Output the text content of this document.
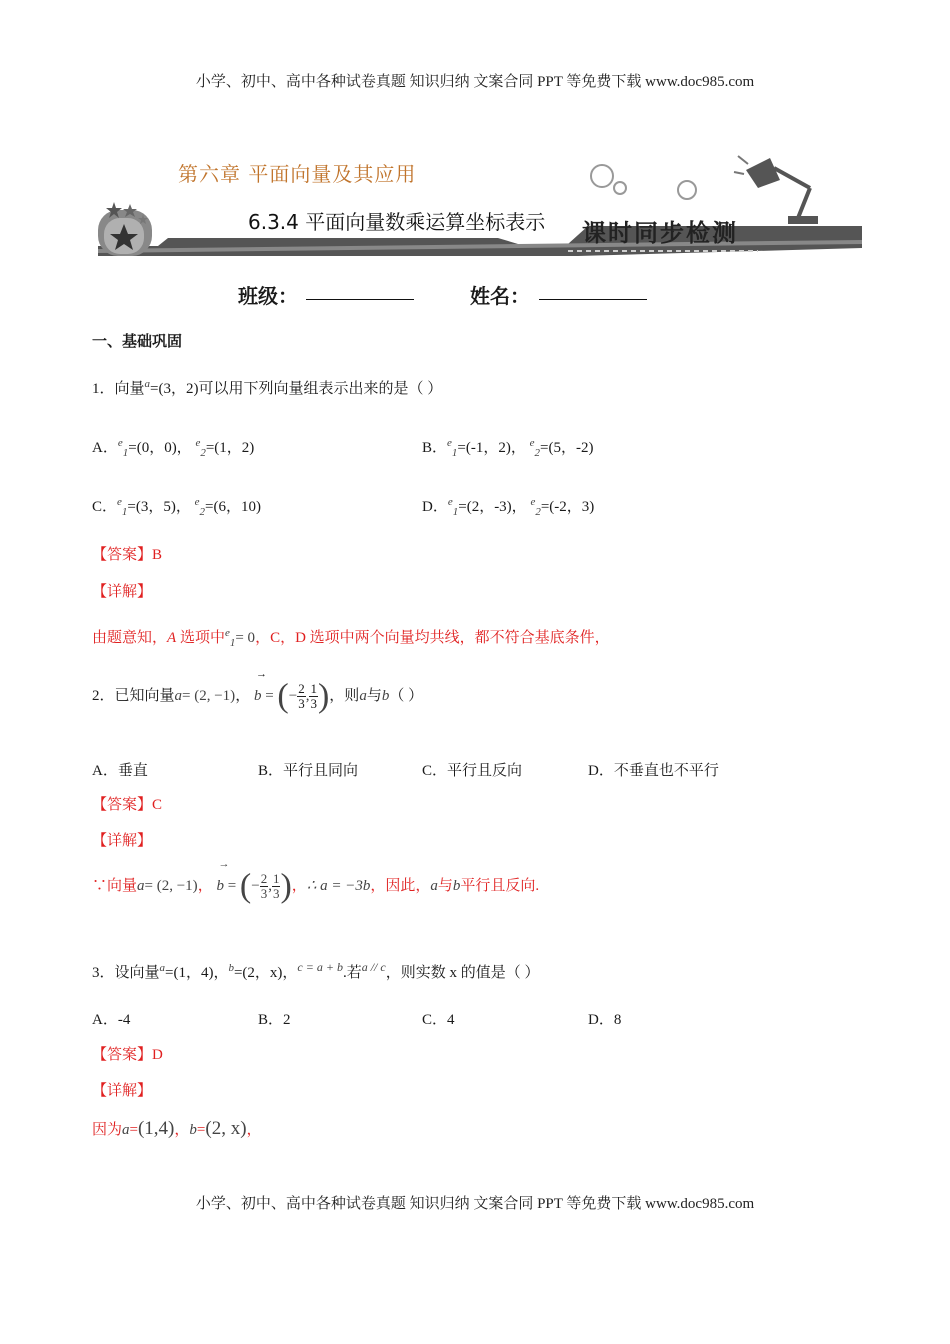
小学、初中、高中各种试卷真题 知识归纳 文案合同 PPT 等免费下载 www.doc985.com
第六章 平面向量及其应用
6.3.4 平面向量数乘运算坐标表示 课时同步检测
班级：	姓名：
一、基础巩固
1．向量$^a$=(3，2)可以用下列向量组表示出来的是（ ）
A．$^e_1$=(0，0)， $^e_2$=(1，2)	B．$^e_1$=(-1，2)， $^e_2$=(5，-2)
C．$^e_1$=(3，5)， $^e_2$=(6，10)	D．$^e_1$=(2，-3)， $^e_2$=(-2，3)
【答案】B
【详解】
由题意知，A 选项中$^e_1$= 0，C，D 选项中两个向量均共线，都不符合基底条件，
2．已知向量a= (2, −1)，
→
b = (− $\frac{2}{3}$ , $\frac{1}{3}$ )，则a与b（ ）
A．垂直	B．平行且同向	C．平行且反向	D．不垂直也不平行
【答案】C
【详解】
∵向量a= (2, −1)，
→
b = (− $\frac{2}{3}$ , $\frac{1}{3}$ )，∴ a = −3b，因此，a与b平行且反向.
3．设向量$^a$=(1，4)，$^b$=(2，x)，$^{c = a + b}$.若$^{a // c}$，则实数 x 的值是（ ）
A．-4	B．2	C．4	D．8
【答案】D
【详解】
因为a=(1,4)，b=(2, x)，
小学、初中、高中各种试卷真题 知识归纳 文案合同 PPT 等免费下载 www.doc985.com
